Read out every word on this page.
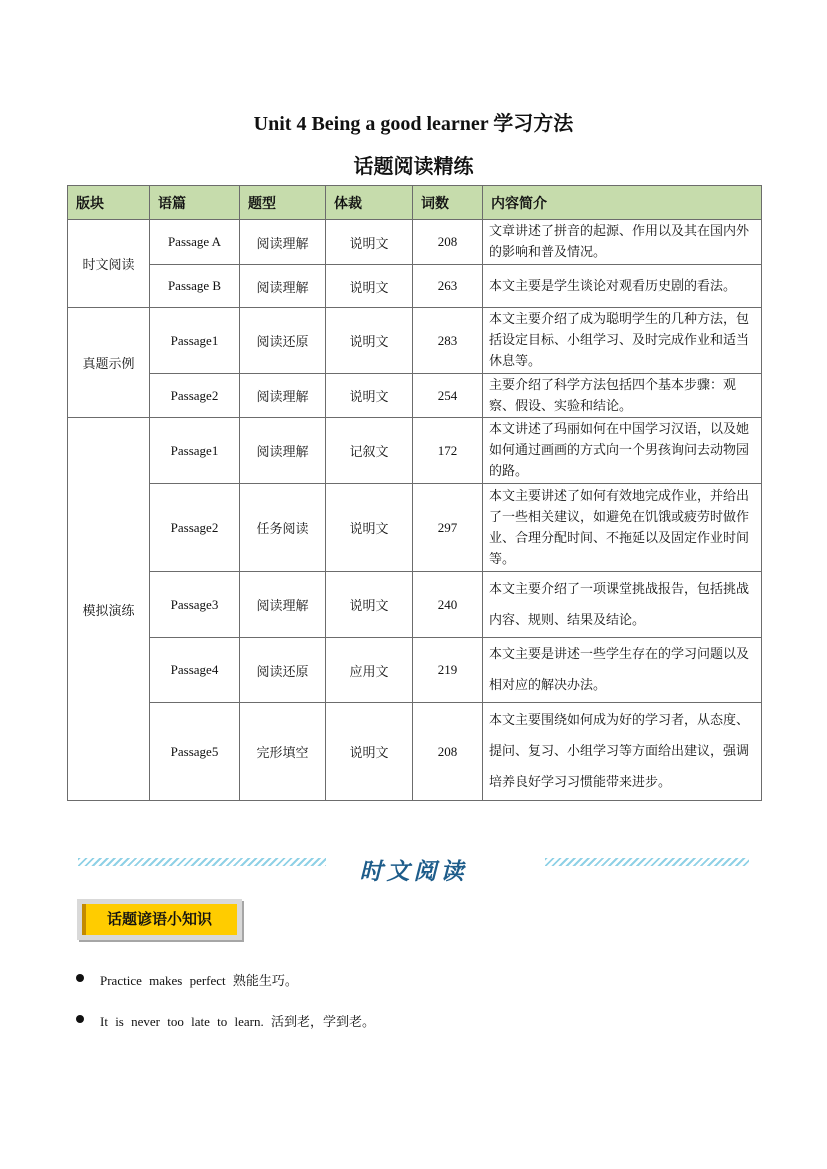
Unit 4 Being a good learner 学习方法
话题阅读精练
版块	语篇	题型	体裁	词数	内容简介
时文阅读	Passage A	阅读理解	说明文	208	文章讲述了拼音的起源、作用以及其在国内外的影响和普及情况。
	Passage B	阅读理解	说明文	263	本文主要是学生谈论对观看历史剧的看法。
真题示例	Passage1	阅读还原	说明文	283	本文主要介绍了成为聪明学生的几种方法，包括设定目标、小组学习、及时完成作业和适当休息等。
	Passage2	阅读理解	说明文	254	主要介绍了科学方法包括四个基本步骤：观察、假设、实验和结论。
模拟演练	Passage1	阅读理解	记叙文	172	本文讲述了玛丽如何在中国学习汉语，以及她如何通过画画的方式向一个男孩询问去动物园的路。
	Passage2	任务阅读	说明文	297	本文主要讲述了如何有效地完成作业，并给出了一些相关建议，如避免在饥饿或疲劳时做作业、合理分配时间、不拖延以及固定作业时间等。
	Passage3	阅读理解	说明文	240	本文主要介绍了一项课堂挑战报告，包括挑战内容、规则、结果及结论。
	Passage4	阅读还原	应用文	219	本文主要是讲述一些学生存在的学习问题以及相对应的解决办法。
	Passage5	完形填空	说明文	208	本文主要围绕如何成为好的学习者，从态度、提问、复习、小组学习等方面给出建议，强调培养良好学习习惯能带来进步。
时文阅读
话题谚语小知识
Practice makes perfect 熟能生巧。
It is never too late to learn. 活到老，学到老。
